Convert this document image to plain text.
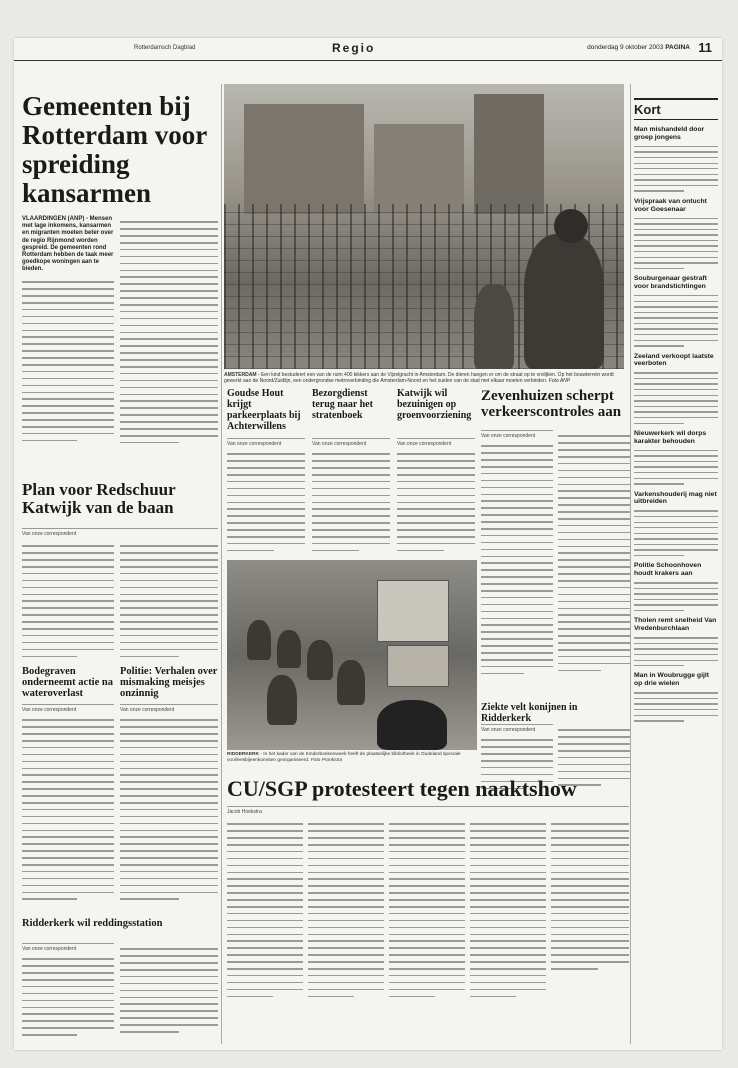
Rotterdamsch Dagblad	Regio	donderdag 9 oktober 2003 PAGINA 11
Gemeenten bij Rotterdam voor spreiding kansarmen
VLAARDINGEN (ANP) - Mensen met lage inkomens, kansarmen en migranten moeten beter over de regio Rijnmond worden gespreid. De gemeenten rond Rotterdam hebben de taak meer goedkope woningen aan te bieden.
AMSTERDAM - Een kind bestudeert een van de ruim 400 kikkers aan de Vijzelgracht in Amsterdam. De dieren hangen er om de straat op te vrolijken. Op het bouwterrein wordt gewerkt aan de Noord/Zuidlijn, een ondergrondse metroverbinding die Amsterdam-Noord en het zuiden van de stad met elkaar moeten verbinden. Foto ANP
Goudse Hout krijgt parkeerplaats bij Achterwillens
Bezorgdienst terug naar het stratenboek
Katwijk wil bezuinigen op groenvoorziening
Zevenhuizen scherpt verkeerscontroles aan
Van onze correspondent	Van onze correspondent	Van onze correspondent
Van onze correspondent
Plan voor Redschuur Katwijk van de baan
Van onze correspondent
Bodegraven onderneemt actie na wateroverlast
Politie: Verhalen over mismaking meisjes onzinnig
Van onze correspondent	Van onze correspondent
Ridderkerk wil reddingsstation
Van onze correspondent
RIDDERKERK - In het kader van de Kinderboekenweek heeft de plaatselijke bibliotheek in Oudeland speciale voorleesbijeenkomsten georganiseerd. Foto Pronkstra
Ziekte velt konijnen in Ridderkerk
Van onze correspondent
CU/SGP protesteert tegen naaktshow
Jacob Hoekstra
Kort
Man mishandeld door groep jongens
Vrijspraak van ontucht voor Goesenaar
Souburgenaar gestraft voor brandstichtingen
Zeeland verkoopt laatste veerboten
Nieuwerkerk wil dorps karakter behouden
Varkenshouderij mag niet uitbreiden
Politie Schoonhoven houdt krakers aan
Tholen remt snelheid Van Vredenburchlaan
Man in Woubrugge gijlt op drie wielen
